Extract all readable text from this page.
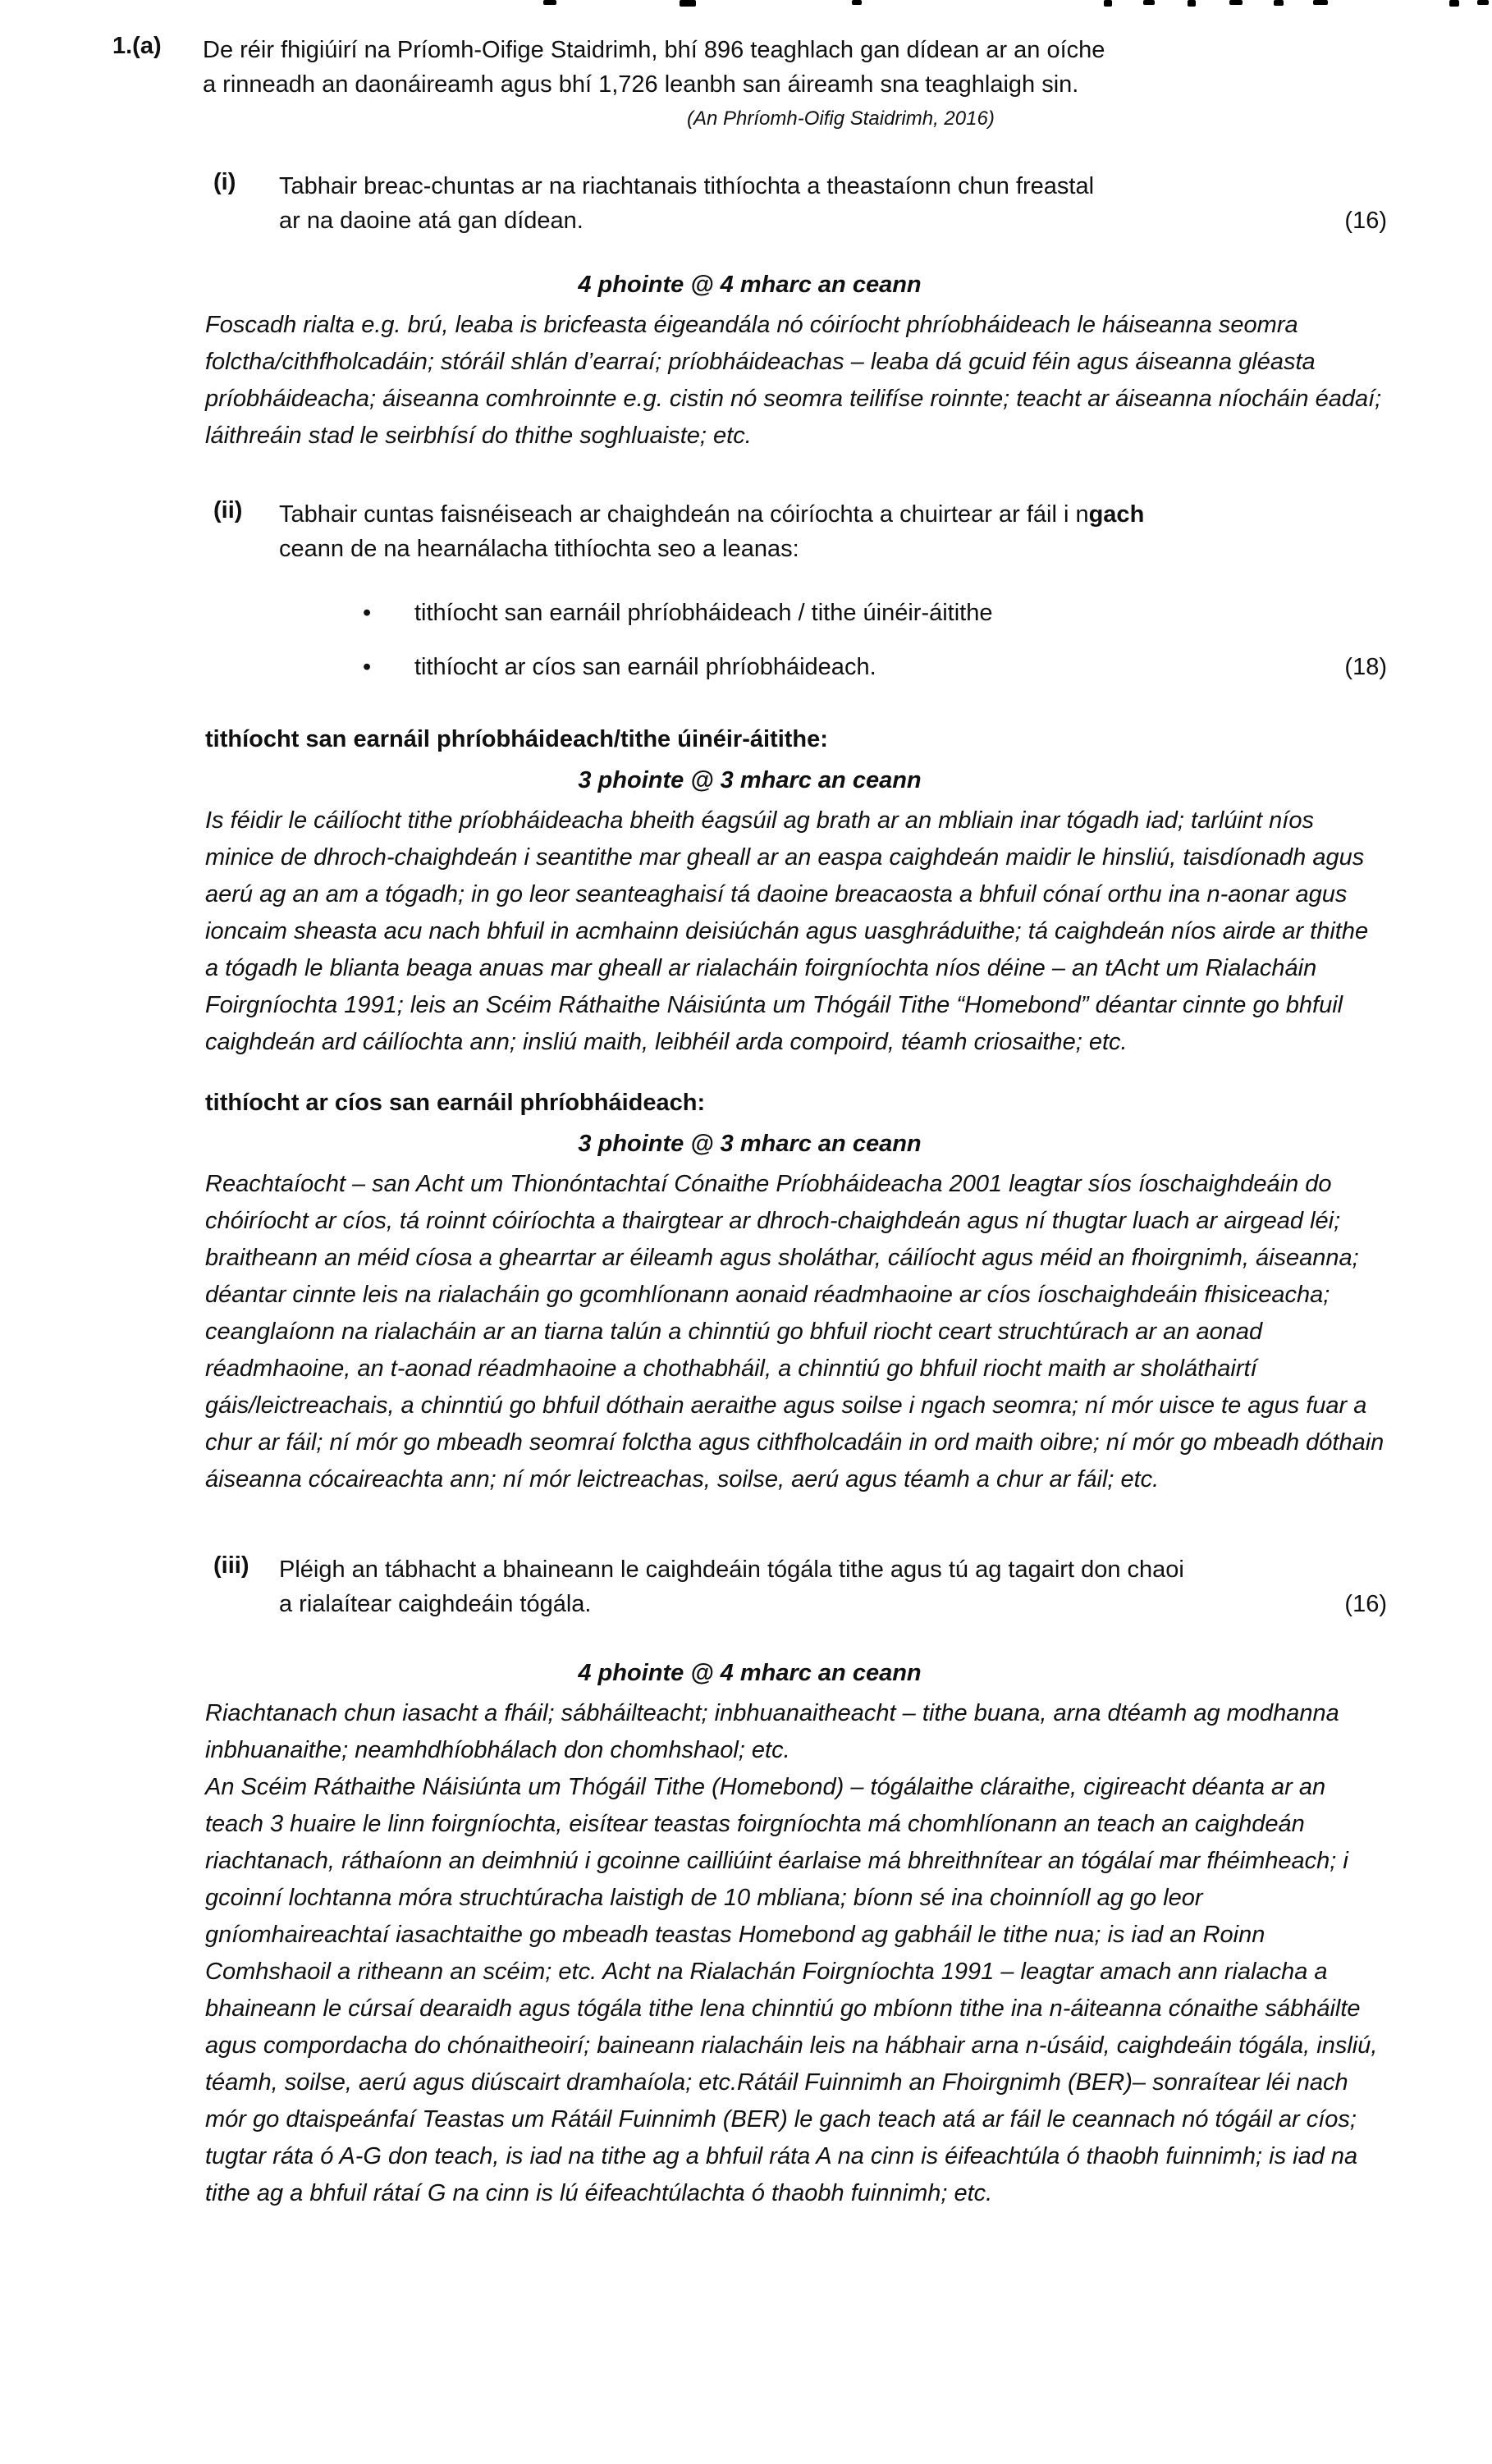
1.(a)	De réir fhigiúirí na Príomh-Oifige Staidrimh, bhí 896 teaghlach gan dídean ar an oíche
a rinneadh an daonáireamh agus bhí 1,726 leanbh san áireamh sna teaghlaigh sin.
(An Phríomh-Oifig Staidrimh, 2016)
(i)	Tabhair breac-chuntas ar na riachtanais tithíochta a theastaíonn chun freastal
ar na daoine atá gan dídean.	(16)
4 phointe @ 4 mharc an ceann

Foscadh rialta e.g. brú, leaba is bricfeasta éigeandála nó cóiríocht phríobháideach le háiseanna seomra folctha/cithfholcadáin; stóráil shlán d’earraí; príobháideachas – leaba dá gcuid féin agus áiseanna gléasta príobháideacha; áiseanna comhroinnte e.g. cistin nó seomra teilifíse roinnte; teacht ar áiseanna níocháin éadaí; láithreáin stad le seirbhísí do thithe soghluaiste; etc.

(ii)	Tabhair cuntas faisnéiseach ar chaighdeán na cóiríochta a chuirtear ar fáil i ngach
ceann de na hearnálacha tithíochta seo a leanas:
•	tithíocht san earnáil phríobháideach / tithe úinéir-áitithe
•	tithíocht ar cíos san earnáil phríobháideach.	(18)
tithíocht san earnáil phríobháideach/tithe úinéir-áitithe:
3 phointe @ 3 mharc an ceann

Is féidir le cáilíocht tithe príobháideacha bheith éagsúil ag brath ar an mbliain inar tógadh iad; tarlúint níos minice de dhroch-chaighdeán i seantithe mar gheall ar an easpa caighdeán maidir le hinsliú, taisdíonadh agus aerú ag an am a tógadh; in go leor seanteaghaisí tá daoine breacaosta a bhfuil cónaí orthu ina n-aonar agus ioncaim sheasta acu nach bhfuil in acmhainn deisiúchán agus uasghráduithe; tá caighdeán níos airde ar thithe a tógadh le blianta beaga anuas mar gheall ar rialacháin foirgníochta níos déine – an tAcht um Rialacháin Foirgníochta 1991; leis an Scéim Ráthaithe Náisiúnta um Thógáil Tithe “Homebond” déantar cinnte go bhfuil caighdeán ard cáilíochta ann; insliú maith, leibhéil arda compoird, téamh criosaithe; etc.

tithíocht ar cíos san earnáil phríobháideach:
3 phointe @ 3 mharc an ceann

Reachtaíocht – san Acht um Thionóntachtaí Cónaithe Príobháideacha 2001 leagtar síos íoschaighdeáin do chóiríocht ar cíos, tá roinnt cóiríochta a thairgtear ar dhroch-chaighdeán agus ní thugtar luach ar airgead léi; braitheann an méid cíosa a ghearrtar ar éileamh agus sholáthar, cáilíocht agus méid an fhoirgnimh, áiseanna; déantar cinnte leis na rialacháin go gcomhlíonann aonaid réadmhaoine ar cíos íoschaighdeáin fhisiceacha; ceanglaíonn na rialacháin ar an tiarna talún a chinntiú go bhfuil riocht ceart struchtúrach ar an aonad réadmhaoine, an t-aonad réadmhaoine a chothabháil, a chinntiú go bhfuil riocht maith ar sholáthairtí gáis/leictreachais, a chinntiú go bhfuil dóthain aeraithe agus soilse i ngach seomra; ní mór uisce te agus fuar a chur ar fáil; ní mór go mbeadh seomraí folctha agus cithfholcadáin in ord maith oibre; ní mór go mbeadh dóthain áiseanna cócaireachta ann; ní mór leictreachas, soilse, aerú agus téamh a chur ar fáil; etc.

(iii)	Pléigh an tábhacht a bhaineann le caighdeáin tógála tithe agus tú ag tagairt don chaoi
a rialaítear caighdeáin tógála.	(16)
4 phointe @ 4 mharc an ceann

Riachtanach chun iasacht a fháil; sábháilteacht; inbhuanaitheacht – tithe buana, arna dtéamh ag modhanna inbhuanaithe; neamhdhíobhálach don chomhshaol; etc.

An Scéim Ráthaithe Náisiúnta um Thógáil Tithe (Homebond) – tógálaithe cláraithe, cigireacht déanta ar an teach 3 huaire le linn foirgníochta, eisítear teastas foirgníochta má chomhlíonann an teach an caighdeán riachtanach, ráthaíonn an deimhniú i gcoinne cailliúint éarlaise má bhreithnítear an tógálaí mar fhéimheach; i gcoinní lochtanna móra struchtúracha laistigh de 10 mbliana; bíonn sé ina choinníoll ag go leor gníomhaireachtaí iasachtaithe go mbeadh teastas Homebond ag gabháil le tithe nua; is iad an Roinn Comhshaoil a ritheann an scéim; etc. Acht na Rialachán Foirgníochta 1991 – leagtar amach ann rialacha a bhaineann le cúrsaí dearaidh agus tógála tithe lena chinntiú go mbíonn tithe ina n-áiteanna cónaithe sábháilte agus compordacha do chónaitheoirí; baineann rialacháin leis na hábhair arna n-úsáid, caighdeáin tógála, insliú, téamh, soilse, aerú agus diúscairt dramhaíola; etc.Rátáil Fuinnimh an Fhoirgnimh (BER)– sonraítear léi nach mór go dtaispeánfaí Teastas um Rátáil Fuinnimh (BER) le gach teach atá ar fáil le ceannach nó tógáil ar cíos; tugtar ráta ó A-G don teach, is iad na tithe ag a bhfuil ráta A na cinn is éifeachtúla ó thaobh fuinnimh; is iad na tithe ag a bhfuil rátaí G na cinn is lú éifeachtúlachta ó thaobh fuinnimh; etc.
